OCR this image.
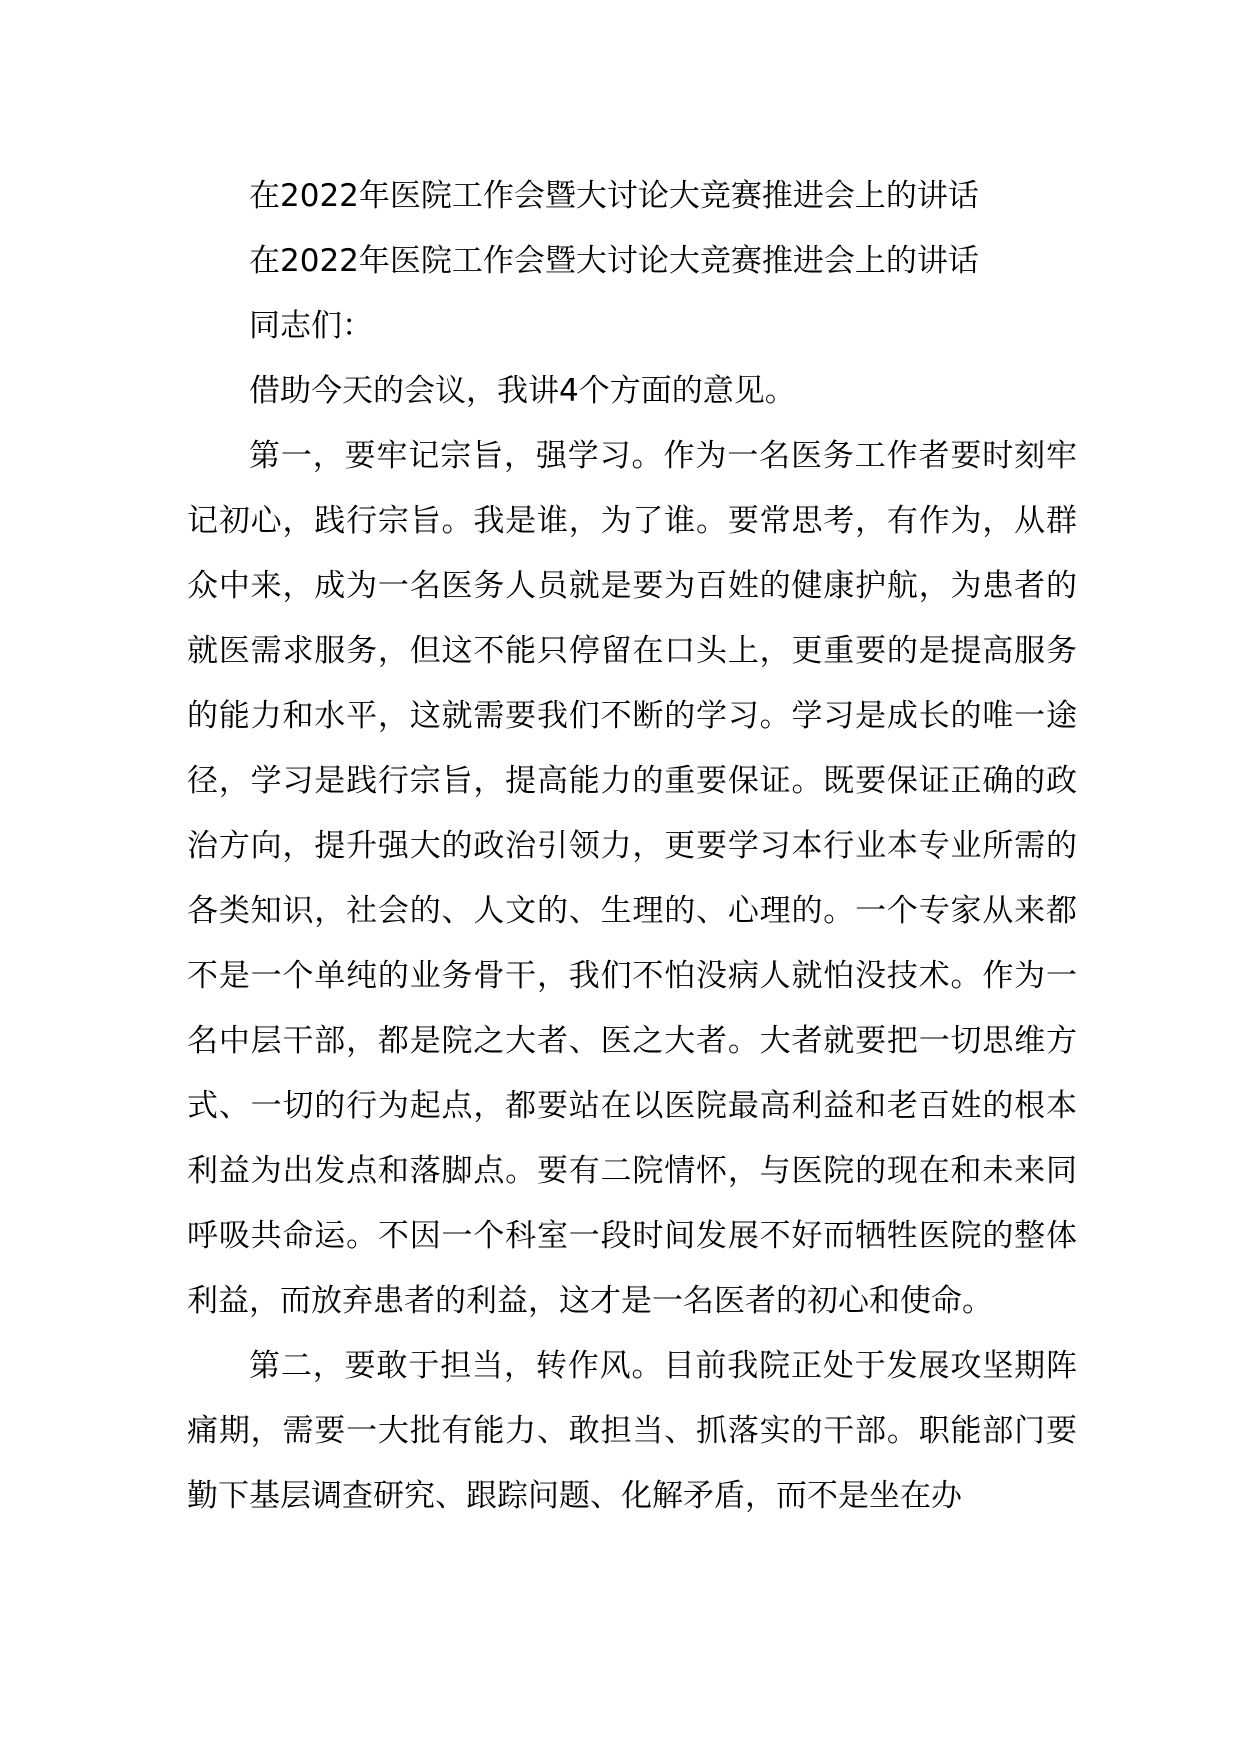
在2022年医院工作会暨大讨论大竞赛推进会上的讲话

在2022年医院工作会暨大讨论大竞赛推进会上的讲话

同志们：

借助今天的会议，我讲4个方面的意见。

第一，要牢记宗旨，强学习。作为一名医务工作者要时刻牢记初心，践行宗旨。我是谁，为了谁。要常思考，有作为，从群众中来，成为一名医务人员就是要为百姓的健康护航，为患者的就医需求服务，但这不能只停留在口头上，更重要的是提高服务的能力和水平，这就需要我们不断的学习。学习是成长的唯一途径，学习是践行宗旨，提高能力的重要保证。既要保证正确的政治方向，提升强大的政治引领力，更要学习本行业本专业所需的各类知识，社会的、人文的、生理的、心理的。一个专家从来都不是一个单纯的业务骨干，我们不怕没病人就怕没技术。作为一名中层干部，都是院之大者、医之大者。大者就要把一切思维方式、一切的行为起点，都要站在以医院最高利益和老百姓的根本利益为出发点和落脚点。要有二院情怀，与医院的现在和未来同呼吸共命运。不因一个科室一段时间发展不好而牺牲医院的整体利益，而放弃患者的利益，这才是一名医者的初心和使命。

第二，要敢于担当，转作风。目前我院正处于发展攻坚期阵痛期，需要一大批有能力、敢担当、抓落实的干部。职能部门要勤下基层调查研究、跟踪问题、化解矛盾，而不是坐在办
